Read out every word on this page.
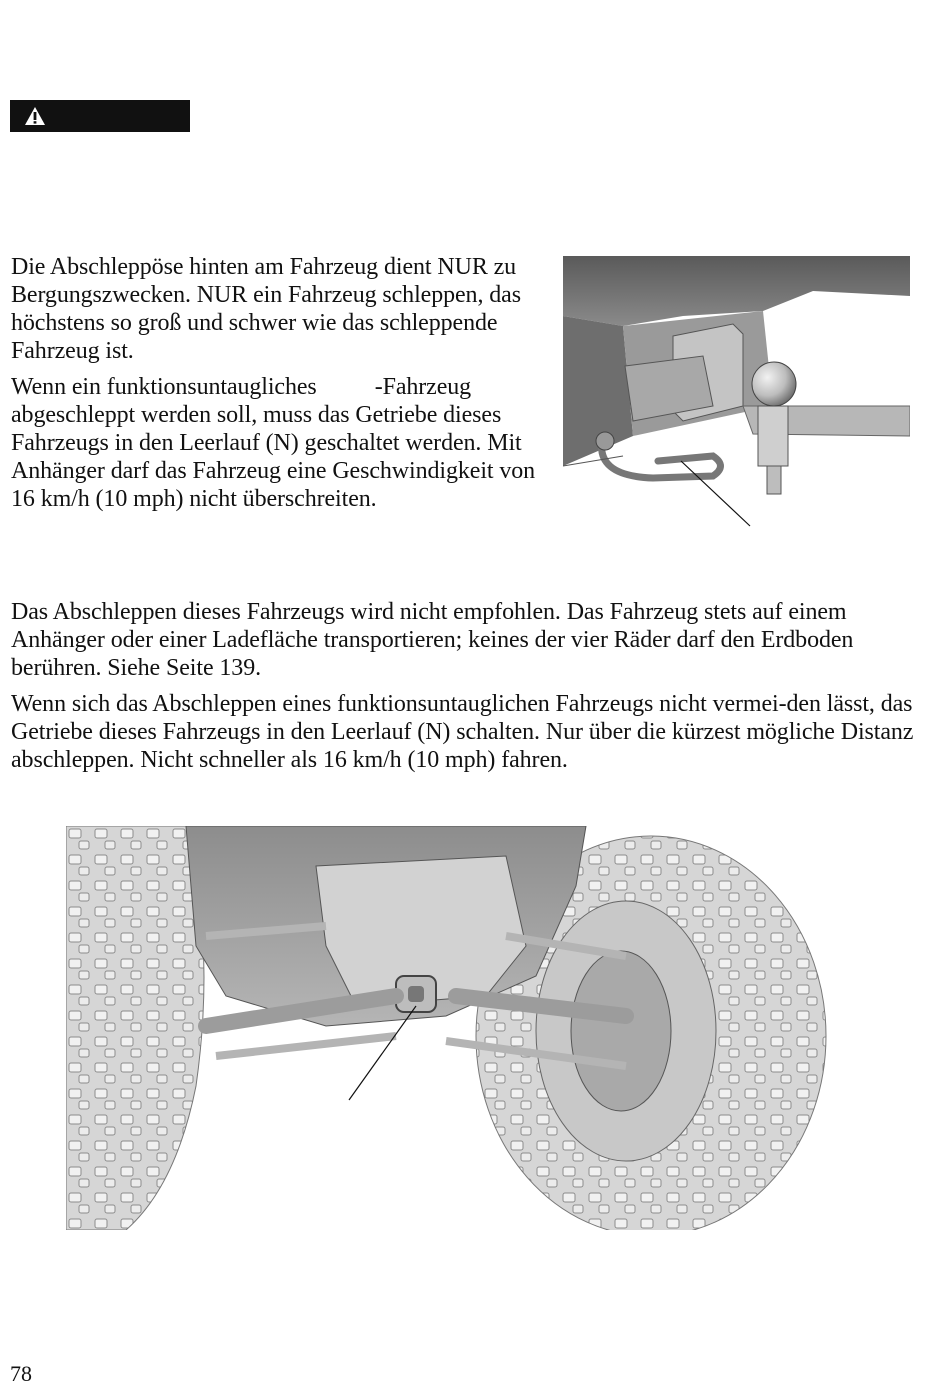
Die Abschleppöse hinten am Fahrzeug dient NUR zu Bergungszwecken. NUR ein Fahrzeug schleppen, das höchstens so groß und schwer wie das schleppende Fahrzeug ist.

Wenn ein funktionsuntaugliches -Fahrzeug abgeschleppt werden soll, muss das Getriebe dieses Fahrzeugs in den Leerlauf (N) geschaltet werden. Mit Anhänger darf das Fahrzeug eine Geschwindigkeit von 16 km/h (10 mph) nicht überschreiten.

Das Abschleppen dieses Fahrzeugs wird nicht empfohlen. Das Fahrzeug stets auf einem Anhänger oder einer Ladefläche transportieren; keines der vier Räder darf den Erdboden berühren. Siehe Seite 139.

Wenn sich das Abschleppen eines funktionsuntauglichen Fahrzeugs nicht vermei-den lässt, das Getriebe dieses Fahrzeugs in den Leerlauf (N) schalten. Nur über die kürzest mögliche Distanz abschleppen. Nicht schneller als 16 km/h (10 mph) fahren.

78
